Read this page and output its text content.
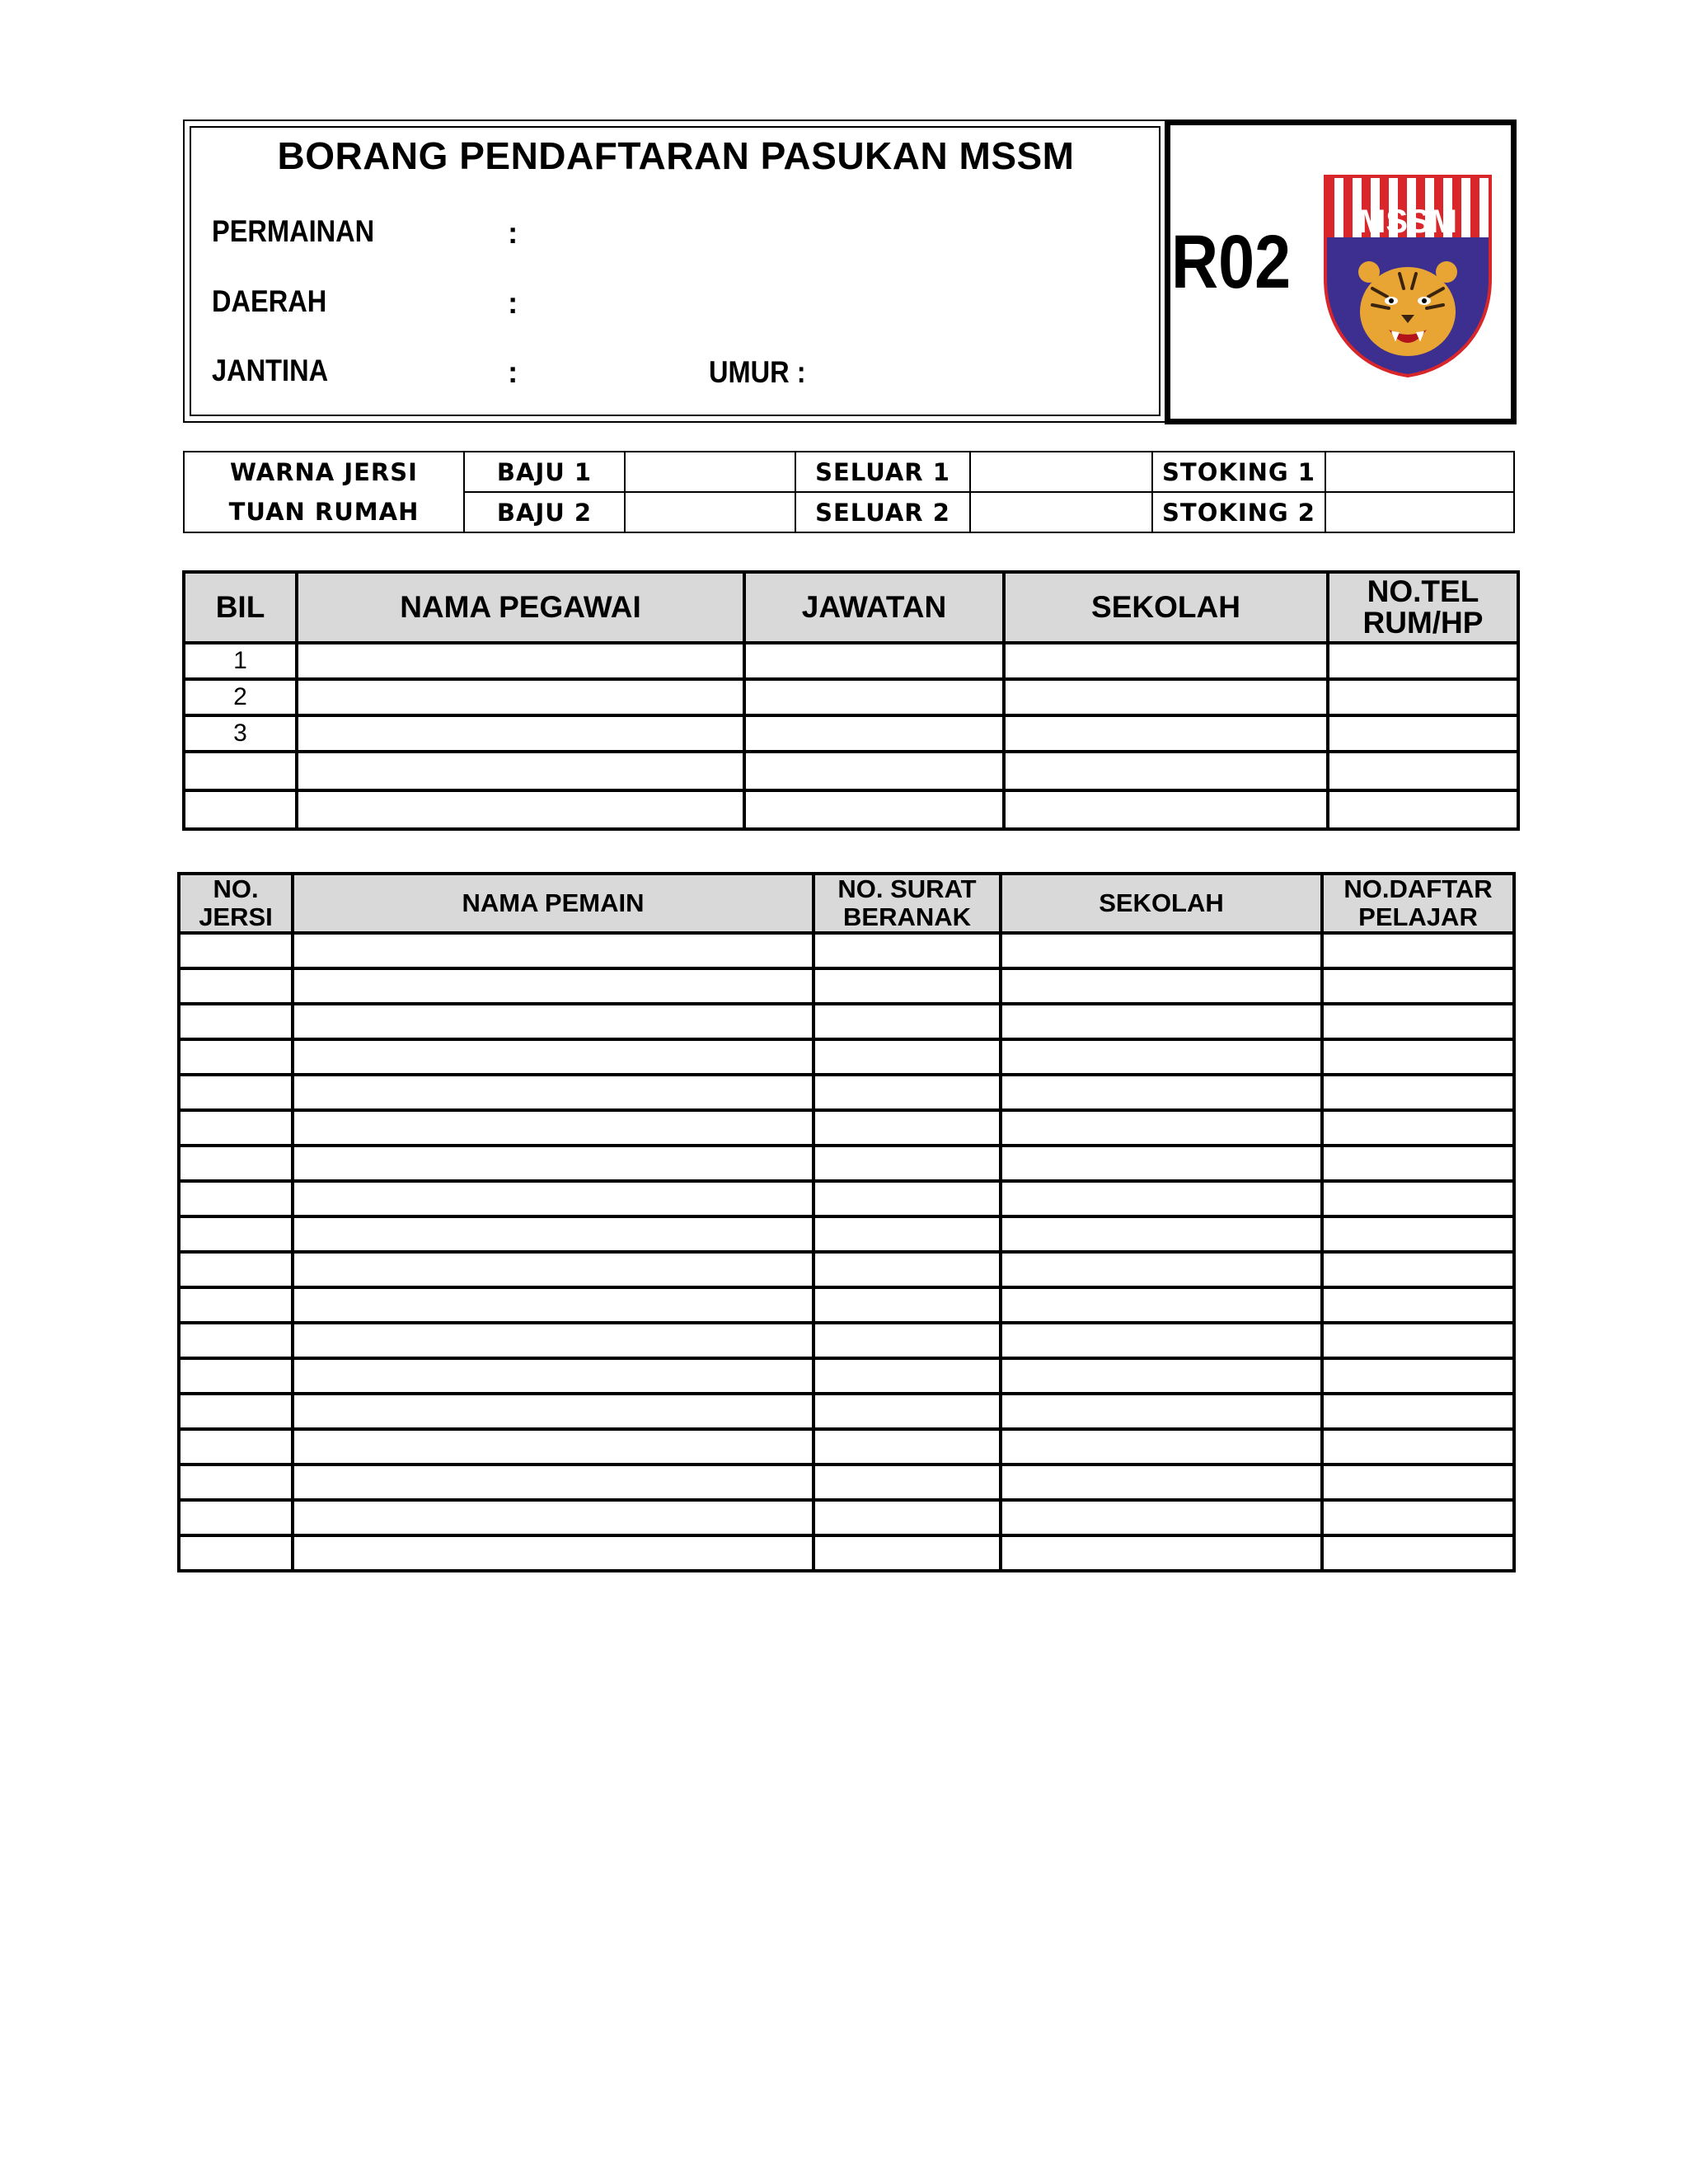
BORANG PENDAFTARAN PASUKAN MSSM
PERMAINAN	:
DAERAH	:
JANTINA	:	UMUR :
R02 MSSM
WARNA JERSI	BAJU 1		SELUAR 1		STOKING 1	
TUAN RUMAH	BAJU 2		SELUAR 2		STOKING 2	
BIL	NAMA PEGAWAI	JAWATAN	SEKOLAH	NO.TEL RUM/HP
1				
2				
3				

NO. JERSI	NAMA PEMAIN	NO. SURAT BERANAK	SEKOLAH	NO.DAFTAR PELAJAR
